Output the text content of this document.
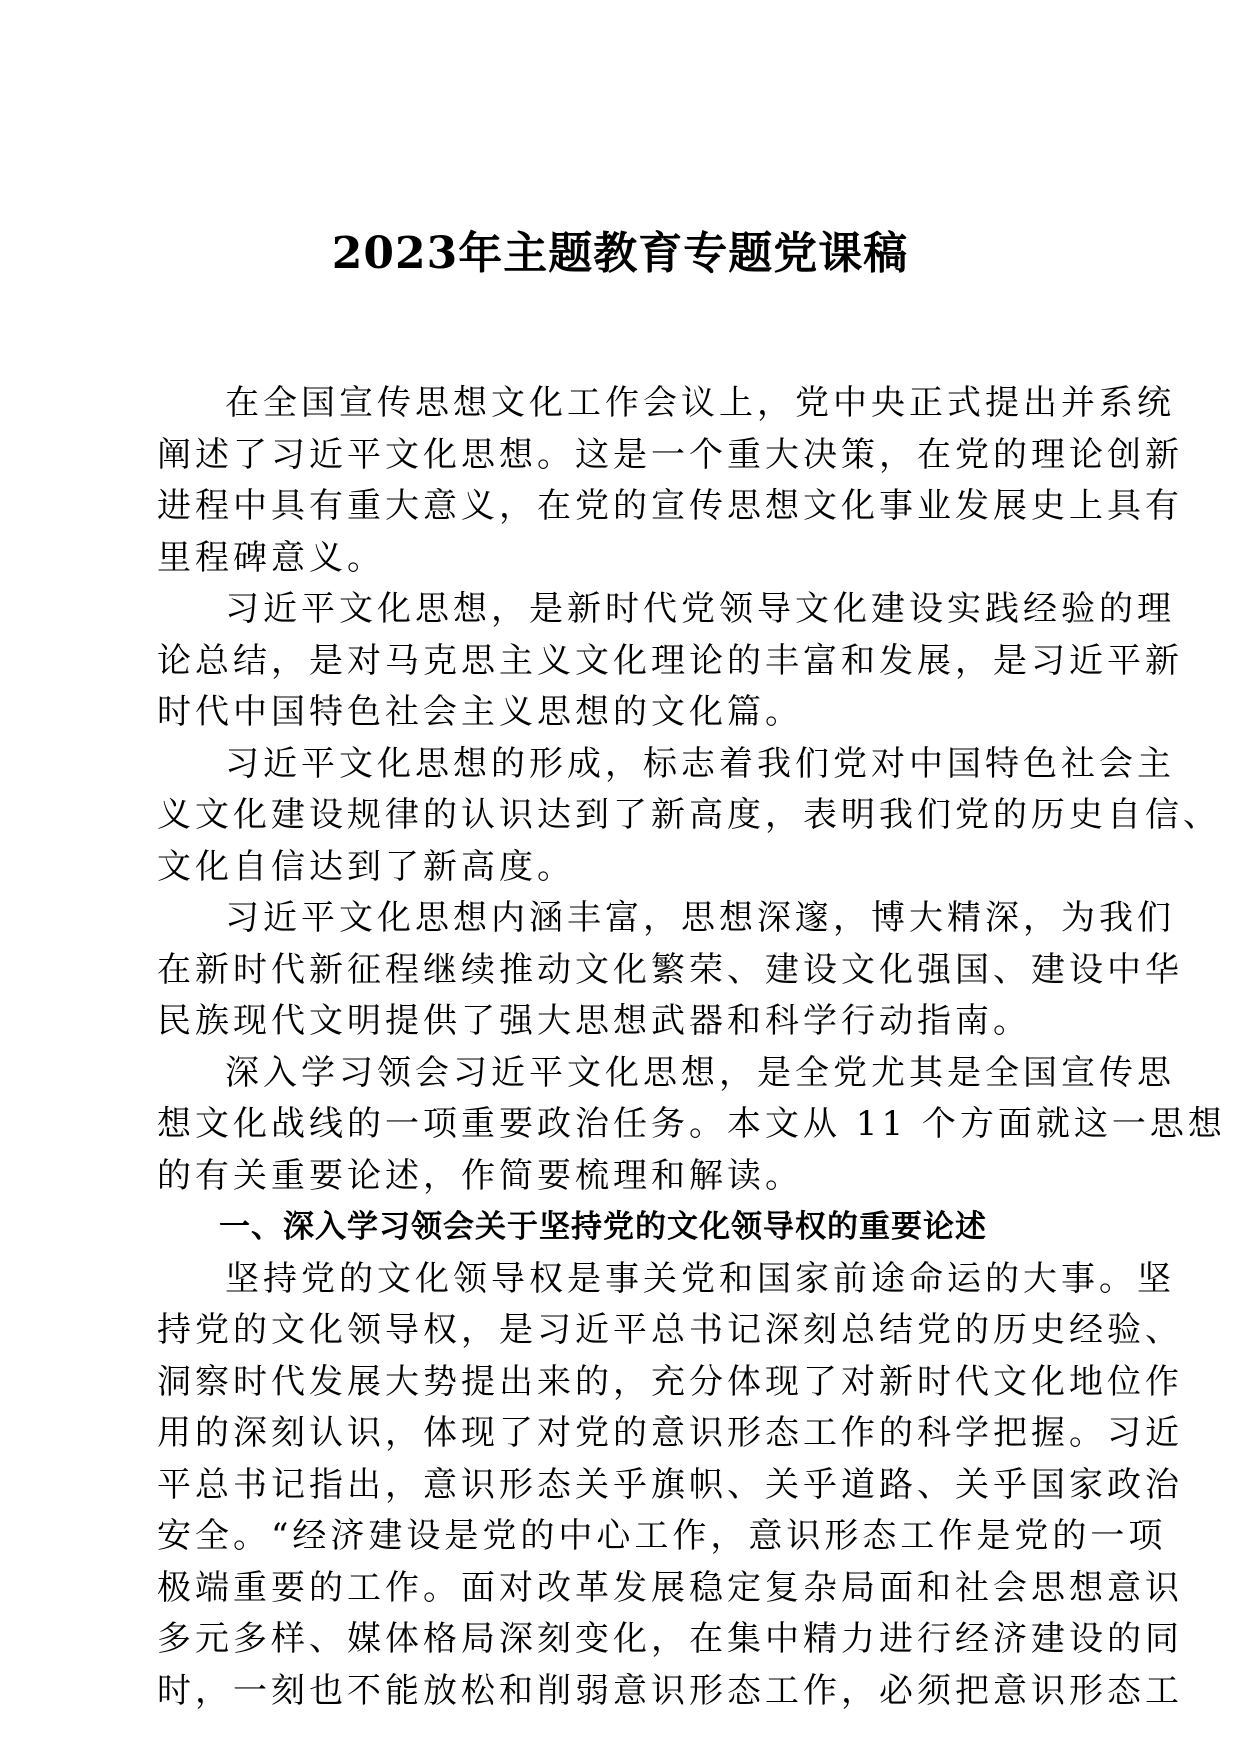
2023年主题教育专题党课稿

在全国宣传思想文化工作会议上，党中央正式提出并系统
阐述了习近平文化思想。这是一个重大决策，在党的理论创新
进程中具有重大意义，在党的宣传思想文化事业发展史上具有
里程碑意义。

习近平文化思想，是新时代党领导文化建设实践经验的理
论总结，是对马克思主义文化理论的丰富和发展，是习近平新
时代中国特色社会主义思想的文化篇。

习近平文化思想的形成，标志着我们党对中国特色社会主
义文化建设规律的认识达到了新高度，表明我们党的历史自信、
文化自信达到了新高度。

习近平文化思想内涵丰富，思想深邃，博大精深，为我们
在新时代新征程继续推动文化繁荣、建设文化强国、建设中华
民族现代文明提供了强大思想武器和科学行动指南。

深入学习领会习近平文化思想，是全党尤其是全国宣传思
想文化战线的一项重要政治任务。本文从 11 个方面就这一思想
的有关重要论述，作简要梳理和解读。

一、深入学习领会关于坚持党的文化领导权的重要论述

坚持党的文化领导权是事关党和国家前途命运的大事。坚
持党的文化领导权，是习近平总书记深刻总结党的历史经验、
洞察时代发展大势提出来的，充分体现了对新时代文化地位作
用的深刻认识，体现了对党的意识形态工作的科学把握。习近
平总书记指出，意识形态关乎旗帜、关乎道路、关乎国家政治
安全。“经济建设是党的中心工作，意识形态工作是党的一项
极端重要的工作。面对改革发展稳定复杂局面和社会思想意识
多元多样、媒体格局深刻变化，在集中精力进行经济建设的同
时，一刻也不能放松和削弱意识形态工作，必须把意识形态工
